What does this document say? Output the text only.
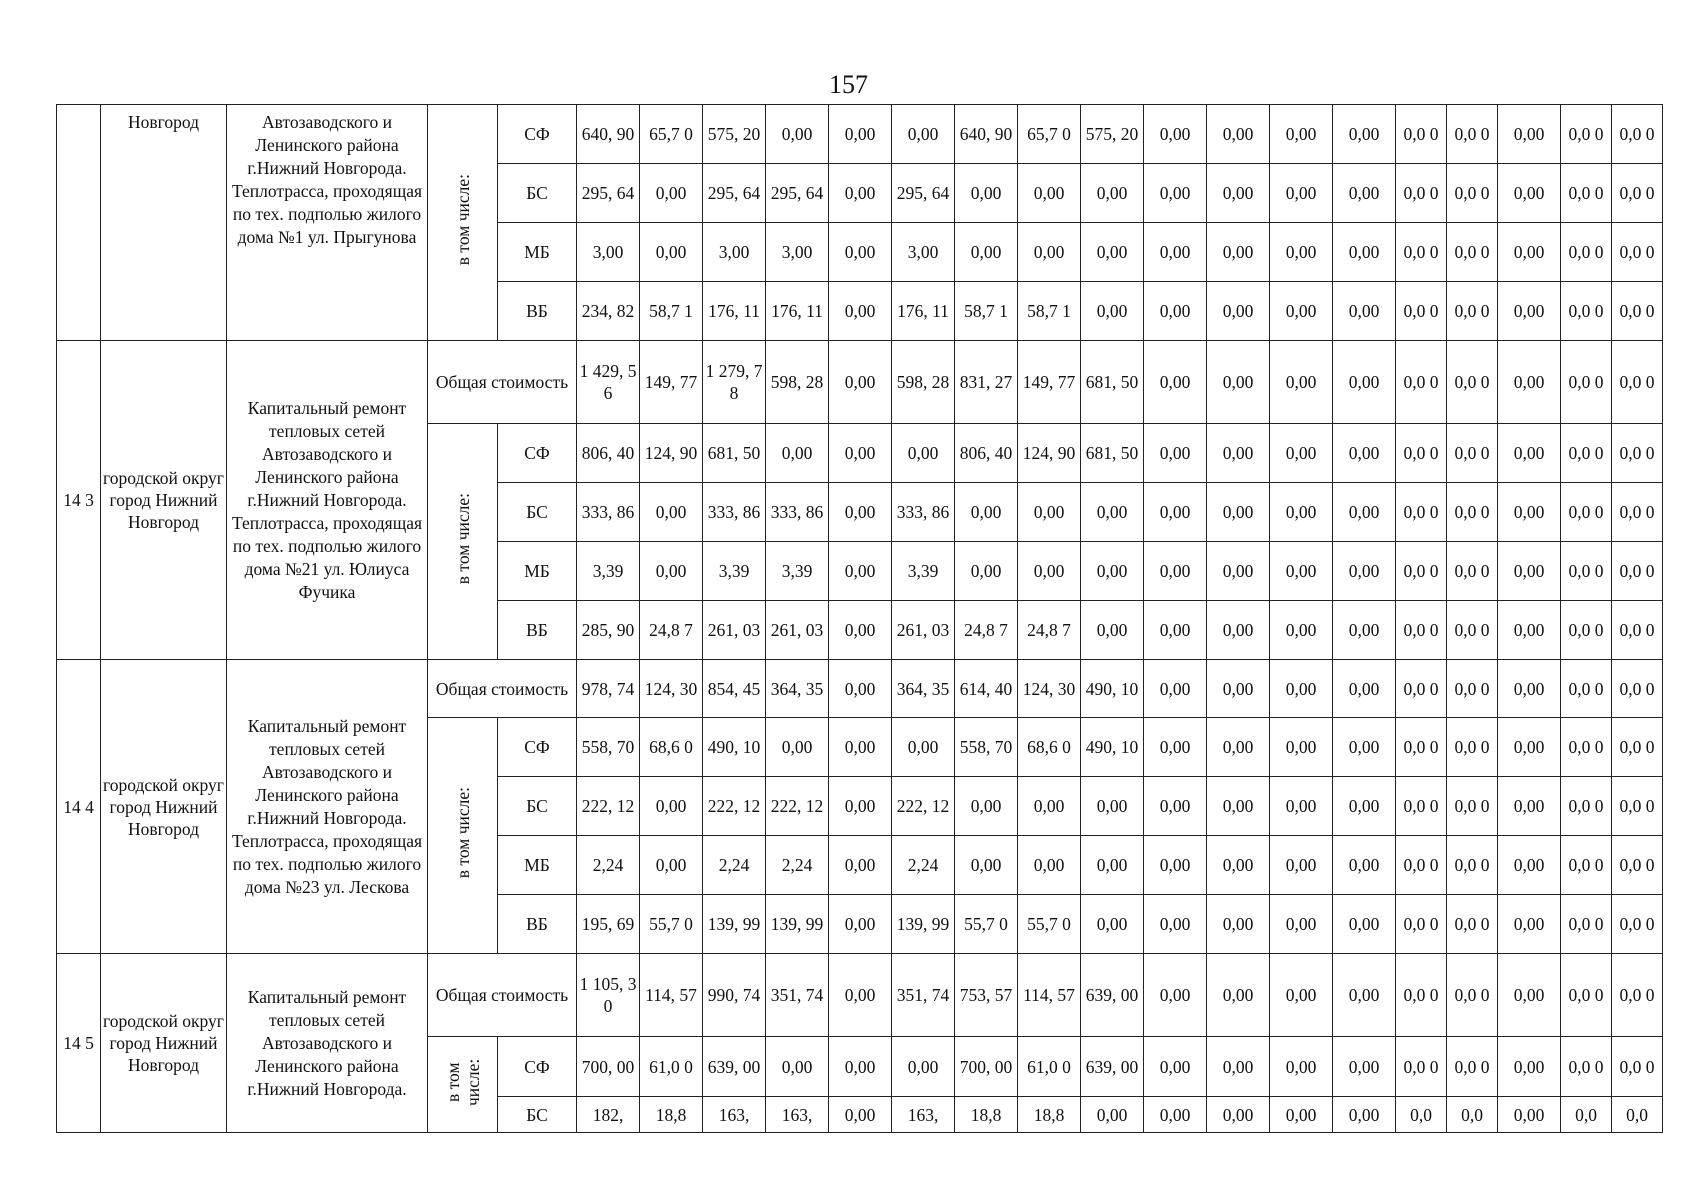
157
	Новгород	Автозаводского и Ленинского района г.Нижний Новгорода. Теплотрасса, проходящая по тех. подполью жилого дома №1 ул. Прыгунова	в том числе:	СФ	640, 90	65,7 0	575, 20	0,00	0,00	0,00	640, 90	65,7 0	575, 20	0,00	0,00	0,00	0,00	0,0 0	0,0 0	0,00	0,0 0	0,0 0
				БС	295, 64	0,00	295, 64	295, 64	0,00	295, 64	0,00	0,00	0,00	0,00	0,00	0,00	0,00	0,0 0	0,0 0	0,00	0,0 0	0,0 0
				МБ	3,00	0,00	3,00	3,00	0,00	3,00	0,00	0,00	0,00	0,00	0,00	0,00	0,00	0,0 0	0,0 0	0,00	0,0 0	0,0 0
				ВБ	234, 82	58,7 1	176, 11	176, 11	0,00	176, 11	58,7 1	58,7 1	0,00	0,00	0,00	0,00	0,00	0,0 0	0,0 0	0,00	0,0 0	0,0 0
14 3	городской округ город Нижний Новгород	Капитальный ремонт тепловых сетей Автозаводского и Ленинского района г.Нижний Новгорода. Теплотрасса, проходящая по тех. подполью жилого дома №21 ул. Юлиуса Фучика	Общая стоимость		1 429, 56	149, 77	1 279, 78	598, 28	0,00	598, 28	831, 27	149, 77	681, 50	0,00	0,00	0,00	0,00	0,0 0	0,0 0	0,00	0,0 0	0,0 0
			в том числе:	СФ	806, 40	124, 90	681, 50	0,00	0,00	0,00	806, 40	124, 90	681, 50	0,00	0,00	0,00	0,00	0,0 0	0,0 0	0,00	0,0 0	0,0 0
				БС	333, 86	0,00	333, 86	333, 86	0,00	333, 86	0,00	0,00	0,00	0,00	0,00	0,00	0,00	0,0 0	0,0 0	0,00	0,0 0	0,0 0
				МБ	3,39	0,00	3,39	3,39	0,00	3,39	0,00	0,00	0,00	0,00	0,00	0,00	0,00	0,0 0	0,0 0	0,00	0,0 0	0,0 0
				ВБ	285, 90	24,8 7	261, 03	261, 03	0,00	261, 03	24,8 7	24,8 7	0,00	0,00	0,00	0,00	0,00	0,0 0	0,0 0	0,00	0,0 0	0,0 0
14 4	городской округ город Нижний Новгород	Капитальный ремонт тепловых сетей Автозаводского и Ленинского района г.Нижний Новгорода. Теплотрасса, проходящая по тех. подполью жилого дома №23 ул. Лескова	Общая стоимость		978, 74	124, 30	854, 45	364, 35	0,00	364, 35	614, 40	124, 30	490, 10	0,00	0,00	0,00	0,00	0,0 0	0,0 0	0,00	0,0 0	0,0 0
			в том числе:	СФ	558, 70	68,6 0	490, 10	0,00	0,00	0,00	558, 70	68,6 0	490, 10	0,00	0,00	0,00	0,00	0,0 0	0,0 0	0,00	0,0 0	0,0 0
				БС	222, 12	0,00	222, 12	222, 12	0,00	222, 12	0,00	0,00	0,00	0,00	0,00	0,00	0,00	0,0 0	0,0 0	0,00	0,0 0	0,0 0
				МБ	2,24	0,00	2,24	2,24	0,00	2,24	0,00	0,00	0,00	0,00	0,00	0,00	0,00	0,0 0	0,0 0	0,00	0,0 0	0,0 0
				ВБ	195, 69	55,7 0	139, 99	139, 99	0,00	139, 99	55,7 0	55,7 0	0,00	0,00	0,00	0,00	0,00	0,0 0	0,0 0	0,00	0,0 0	0,0 0
14 5	городской округ город Нижний Новгород	Капитальный ремонт тепловых сетей Автозаводского и Ленинского района г.Нижний Новгорода.	Общая стоимость		1 105, 30	114, 57	990, 74	351, 74	0,00	351, 74	753, 57	114, 57	639, 00	0,00	0,00	0,00	0,00	0,0 0	0,0 0	0,00	0,0 0	0,0 0
			в том числе:	СФ	700, 00	61,0 0	639, 00	0,00	0,00	0,00	700, 00	61,0 0	639, 00	0,00	0,00	0,00	0,00	0,0 0	0,0 0	0,00	0,0 0	0,0 0
				БС	182,	18,8	163,	163,	0,00	163,	18,8	18,8	0,00	0,00	0,00	0,00	0,00	0,0	0,0	0,00	0,0	0,0
